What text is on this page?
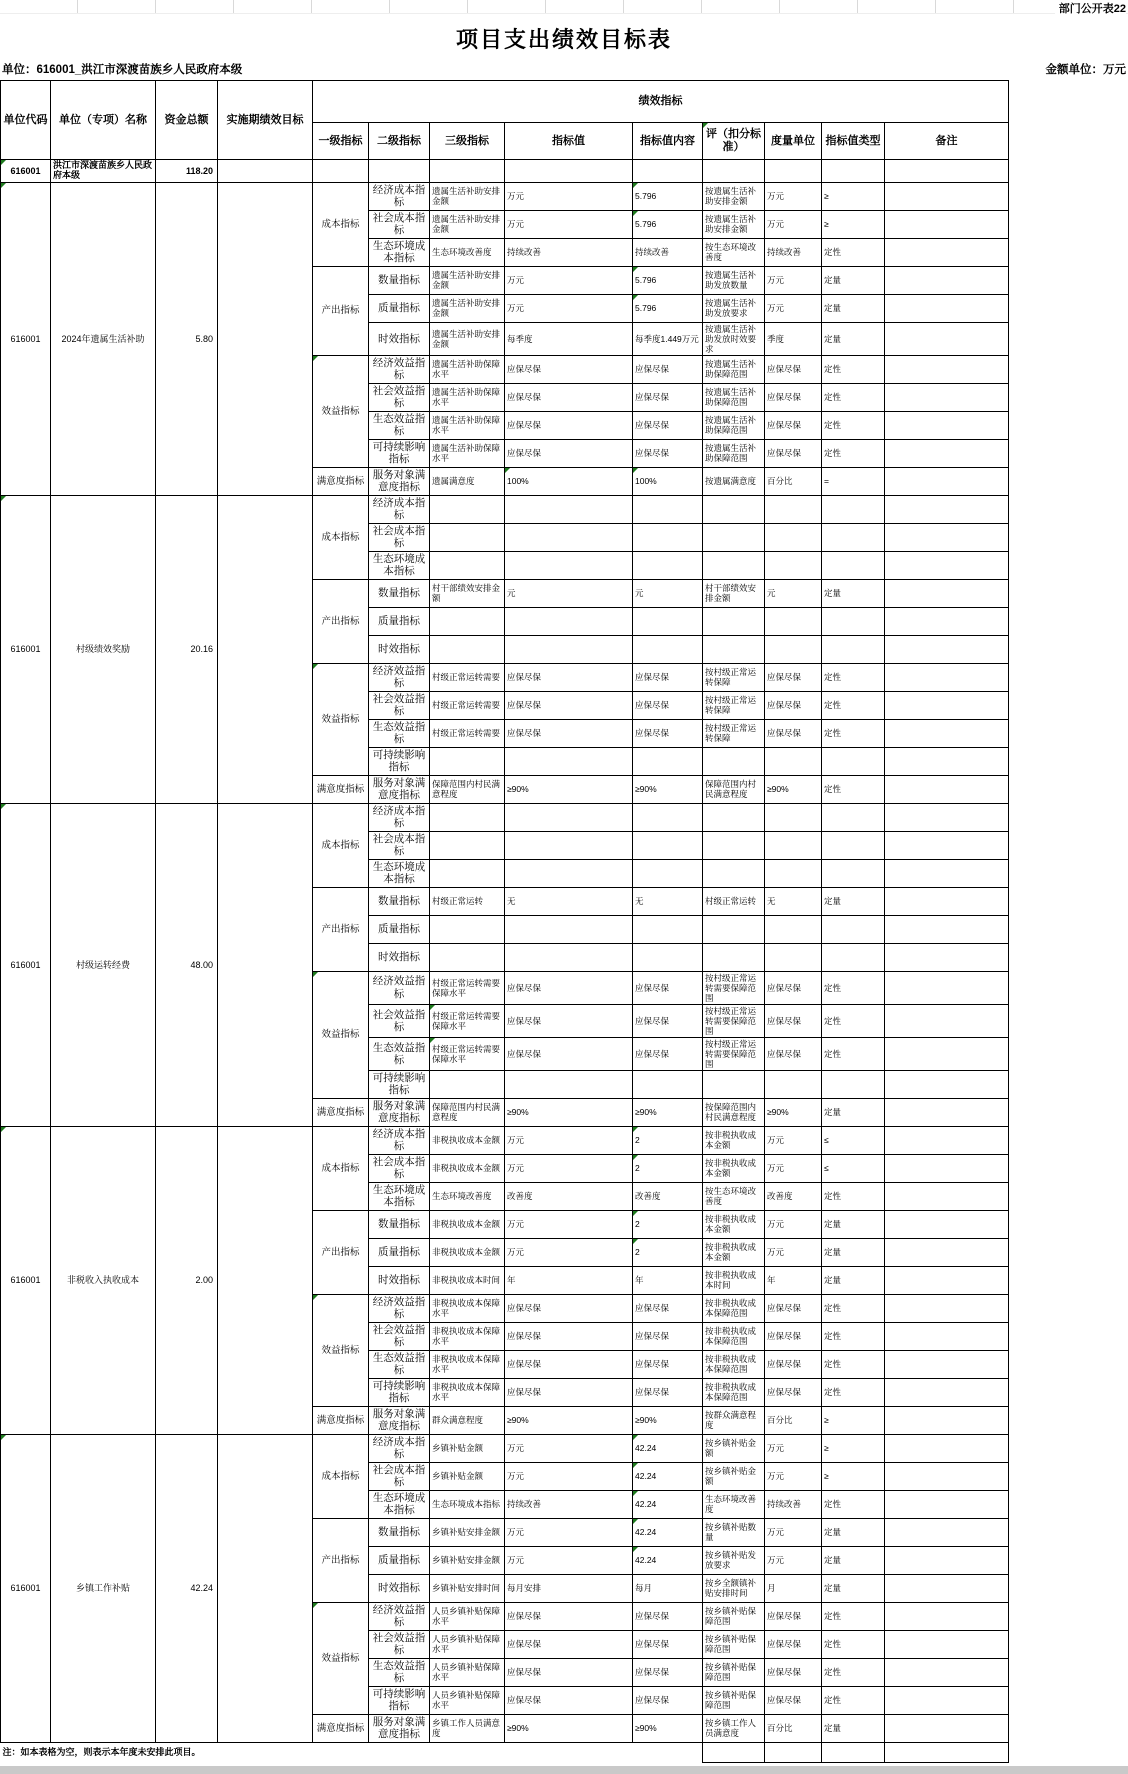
部门公开表22
项目支出绩效目标表
单位：616001_洪江市深渡苗族乡人民政府本级	金额单位：万元
单位代码	单位（专项）名称	资金总额	实施期绩效目标	绩效指标								
				一级指标	二级指标	三级指标	指标值	指标值内容	评（扣分标准）	度量单位	指标值类型	备注
616001	洪江市深渡苗族乡人民政府本级	118.20										
616001	2024年遗属生活补助	5.80		成本指标	经济成本指标	遗属生活补助安排金额	万元	5.796	按遗属生活补助安排金额	万元	≥	
					社会成本指标	遗属生活补助安排金额	万元	5.796	按遗属生活补助安排金额	万元	≥	
					生态环境成本指标	生态环境改善度	持续改善	持续改善	按生态环境改善度	持续改善	定性	
				产出指标	数量指标	遗属生活补助安排金额	万元	5.796	按遗属生活补助发放数量	万元	定量	
					质量指标	遗属生活补助安排金额	万元	5.796	按遗属生活补助发放要求	万元	定量	
					时效指标	遗属生活补助安排金额	每季度	每季度1.449万元	按遗属生活补助发放时效要求	季度	定量	
				效益指标	经济效益指标	遗属生活补助保障水平	应保尽保	应保尽保	按遗属生活补助保障范围	应保尽保	定性	
					社会效益指标	遗属生活补助保障水平	应保尽保	应保尽保	按遗属生活补助保障范围	应保尽保	定性	
					生态效益指标	遗属生活补助保障水平	应保尽保	应保尽保	按遗属生活补助保障范围	应保尽保	定性	
					可持续影响指标	遗属生活补助保障水平	应保尽保	应保尽保	按遗属生活补助保障范围	应保尽保	定性	
				满意度指标	服务对象满意度指标	遗属满意度	100%	100%	按遗属满意度	百分比	=	
616001	村级绩效奖励	20.16		成本指标	经济成本指标							
					社会成本指标							
					生态环境成本指标							
				产出指标	数量指标	村干部绩效安排金额	元	元	村干部绩效安排金额	元	定量	
					质量指标							
					时效指标							
				效益指标	经济效益指标	村级正常运转需要	应保尽保	应保尽保	按村级正常运转保障	应保尽保	定性	
					社会效益指标	村级正常运转需要	应保尽保	应保尽保	按村级正常运转保障	应保尽保	定性	
					生态效益指标	村级正常运转需要	应保尽保	应保尽保	按村级正常运转保障	应保尽保	定性	
					可持续影响指标							
				满意度指标	服务对象满意度指标	保障范围内村民满意程度	≥90%	≥90%	保障范围内村民满意程度	≥90%	定性	
616001	村级运转经费	48.00		成本指标	经济成本指标							
					社会成本指标							
					生态环境成本指标							
				产出指标	数量指标	村级正常运转	无	无	村级正常运转	无	定量	
					质量指标							
					时效指标							
				效益指标	经济效益指标	村级正常运转需要保障水平	应保尽保	应保尽保	按村级正常运转需要保障范围	应保尽保	定性	
					社会效益指标	村级正常运转需要保障水平	应保尽保	应保尽保	按村级正常运转需要保障范围	应保尽保	定性	
					生态效益指标	村级正常运转需要保障水平	应保尽保	应保尽保	按村级正常运转需要保障范围	应保尽保	定性	
					可持续影响指标							
				满意度指标	服务对象满意度指标	保障范围内村民满意程度	≥90%	≥90%	按保障范围内村民满意程度	≥90%	定量	
616001	非税收入执收成本	2.00		成本指标	经济成本指标	非税执收成本金额	万元	2	按非税执收成本金额	万元	≤	
					社会成本指标	非税执收成本金额	万元	2	按非税执收成本金额	万元	≤	
					生态环境成本指标	生态环境改善度	改善度	改善度	按生态环境改善度	改善度	定性	
				产出指标	数量指标	非税执收成本金额	万元	2	按非税执收成本金额	万元	定量	
					质量指标	非税执收成本金额	万元	2	按非税执收成本金额	万元	定量	
					时效指标	非税执收成本时间	年	年	按非税执收成本时间	年	定量	
				效益指标	经济效益指标	非税执收成本保障水平	应保尽保	应保尽保	按非税执收成本保障范围	应保尽保	定性	
					社会效益指标	非税执收成本保障水平	应保尽保	应保尽保	按非税执收成本保障范围	应保尽保	定性	
					生态效益指标	非税执收成本保障水平	应保尽保	应保尽保	按非税执收成本保障范围	应保尽保	定性	
					可持续影响指标	非税执收成本保障水平	应保尽保	应保尽保	按非税执收成本保障范围	应保尽保	定性	
				满意度指标	服务对象满意度指标	群众满意程度	≥90%	≥90%	按群众满意程度	百分比	≥	
616001	乡镇工作补贴	42.24		成本指标	经济成本指标	乡镇补贴金额	万元	42.24	按乡镇补贴金额	万元	≥	
					社会成本指标	乡镇补贴金额	万元	42.24	按乡镇补贴金额	万元	≥	
					生态环境成本指标	生态环境成本指标	持续改善	42.24	生态环境改善度	持续改善	定性	
				产出指标	数量指标	乡镇补贴安排金额	万元	42.24	按乡镇补贴数量	万元	定量	
					质量指标	乡镇补贴安排金额	万元	42.24	按乡镇补贴发放要求	万元	定量	
					时效指标	乡镇补贴安排时间	每月安排	每月	按乡全额镇补贴安排时间	月	定量	
				效益指标	经济效益指标	人员乡镇补贴保障水平	应保尽保	应保尽保	按乡镇补贴保障范围	应保尽保	定性	
					社会效益指标	人员乡镇补贴保障水平	应保尽保	应保尽保	按乡镇补贴保障范围	应保尽保	定性	
					生态效益指标	人员乡镇补贴保障水平	应保尽保	应保尽保	按乡镇补贴保障范围	应保尽保	定性	
					可持续影响指标	人员乡镇补贴保障水平	应保尽保	应保尽保	按乡镇补贴保障范围	应保尽保	定性	
				满意度指标	服务对象满意度指标	乡镇工作人员满意度	≥90%	≥90%	按乡镇工作人员满意度	百分比	定量	
注：如本表格为空，则表示本年度未安排此项目。												
